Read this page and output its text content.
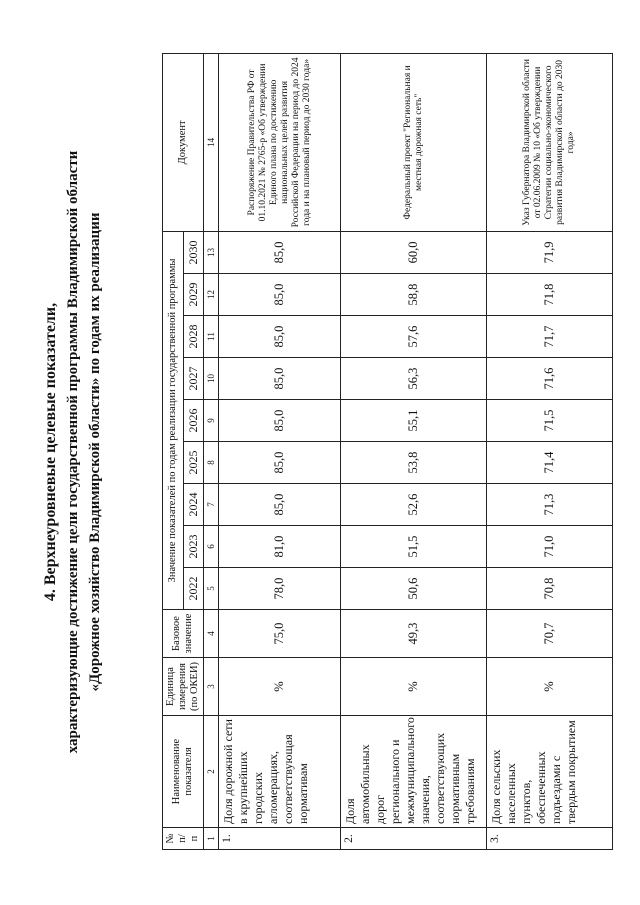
4. Верхнеуровневые целевые показатели, характеризующие достижение цели государственной программы Владимирской области «Дорожное хозяйство Владимирской области» по годам их реализации
№ п/ п	Наименование показателя	Единица измерения (по ОКЕИ)	Базовое значение	Значение показателей по годам реализации государственной программы									Документ
				2022	2023	2024	2025	2026	2027	2028	2029	2030	
1	2	3	4	5	6	7	8	9	10	11	12	13	14
1.	Доля дорожной сети в крупнейших городских агломерациях, соответствующая нормативам	%	75,0	78,0	81,0	85,0	85,0	85,0	85,0	85,0	85,0	85,0	Распоряжение Правительства РФ от 01.10.2021 № 2765-р «Об утверждении Единого плана по достижению национальных целей развития Российской Федерации на период до 2024 года и на плановый период до 2030 года»
2.	Доля автомобильных дорог регионального и межмуниципального значения, соответствующих нормативным требованиям	%	49,3	50,6	51,5	52,6	53,8	55,1	56,3	57,6	58,8	60,0	Федеральный проект "Региональная и местная дорожная сеть"
3.	Доля сельских населенных пунктов, обеспеченных подъездами с твердым покрытием	%	70,7	70,8	71,0	71,3	71,4	71,5	71,6	71,7	71,8	71,9	Указ Губернатора Владимирской области от 02.06.2009 № 10 «Об утверждении Стратегии социально-экономического развития Владимирской области до 2030 года»
